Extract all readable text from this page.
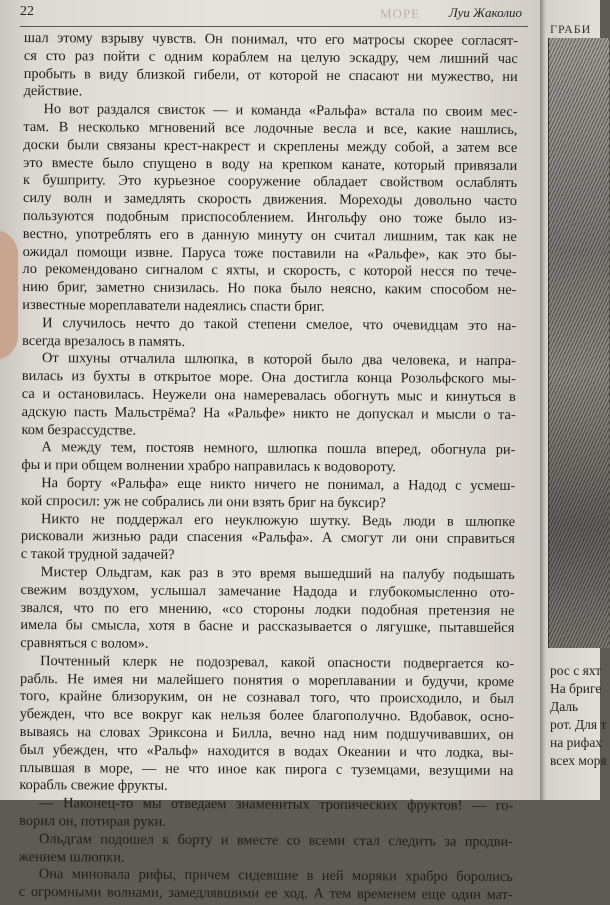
22	МОРЕ Луи Жаколио
шал этому взрыву чувств. Он понимал, что его матросы скорее согласят-
ся сто раз пойти с одним кораблем на целую эскадру, чем лишний час
пробыть в виду близкой гибели, от которой не спасают ни мужество, ни
действие.
Но вот раздался свисток — и команда «Ральфа» встала по своим мес-
там. В несколько мгновений все лодочные весла и все, какие нашлись,
доски были связаны крест-накрест и скреплены между собой, а затем все
это вместе было спущено в воду на крепком канате, который привязали
к бушприту. Это курьезное сооружение обладает свойством ослаблять
силу волн и замедлять скорость движения. Мореходы довольно часто
пользуются подобным приспособлением. Ингольфу оно тоже было из-
вестно, употреблять его в данную минуту он считал лишним, так как не
ожидал помощи извне. Паруса тоже поставили на «Ральфе», как это бы-
ло рекомендовано сигналом с яхты, и скорость, с которой несся по тече-
нию бриг, заметно снизилась. Но пока было неясно, каким способом не-
известные мореплаватели надеялись спасти бриг.
И случилось нечто до такой степени смелое, что очевидцам это на-
всегда врезалось в память.
От шхуны отчалила шлюпка, в которой было два человека, и напра-
вилась из бухты в открытое море. Она достигла конца Розольфского мы-
са и остановилась. Неужели она намеревалась обогнуть мыс и кинуться в
адскую пасть Мальстрёма? На «Ральфе» никто не допускал и мысли о та-
ком безрассудстве.
А между тем, постояв немного, шлюпка пошла вперед, обогнула ри-
фы и при общем волнении храбро направилась к водовороту.
На борту «Ральфа» еще никто ничего не понимал, а Надод с усмеш-
кой спросил: уж не собрались ли они взять бриг на буксир?
Никто не поддержал его неуклюжую шутку. Ведь люди в шлюпке
рисковали жизнью ради спасения «Ральфа». А смогут ли они справиться
с такой трудной задачей?
Мистер Ольдгам, как раз в это время вышедший на палубу подышать
свежим воздухом, услышал замечание Надода и глубокомысленно ото-
звался, что по его мнению, «со стороны лодки подобная претензия не
имела бы смысла, хотя в басне и рассказывается о лягушке, пытавшейся
сравняться с волом».
Почтенный клерк не подозревал, какой опасности подвергается ко-
рабль. Не имея ни малейшего понятия о мореплавании и будучи, кроме
того, крайне близоруким, он не сознавал того, что происходило, и был
убежден, что все вокруг как нельзя более благополучно. Вдобавок, осно-
вываясь на словах Эриксона и Билла, вечно над ним подшучивавших, он
был убежден, что «Ральф» находится в водах Океании и что лодка, вы-
плывшая в море, — не что иное как пирога с туземцами, везущими на
корабль свежие фрукты.
— Наконец-то мы отведаем знаменитых тропических фруктов! — го-
ворил он, потирая руки.
Ольдгам подошел к борту и вместе со всеми стал следить за продви-
жением шлюпки.
Она миновала рифы, причем сидевшие в ней моряки храбро боролись
с огромными волнами, замедлявшими ее ход. А тем временем еще один мат-
ГРАБИ
рос с яхт
На бриге
Даль
рот. Для т
на рифах
всех моря
